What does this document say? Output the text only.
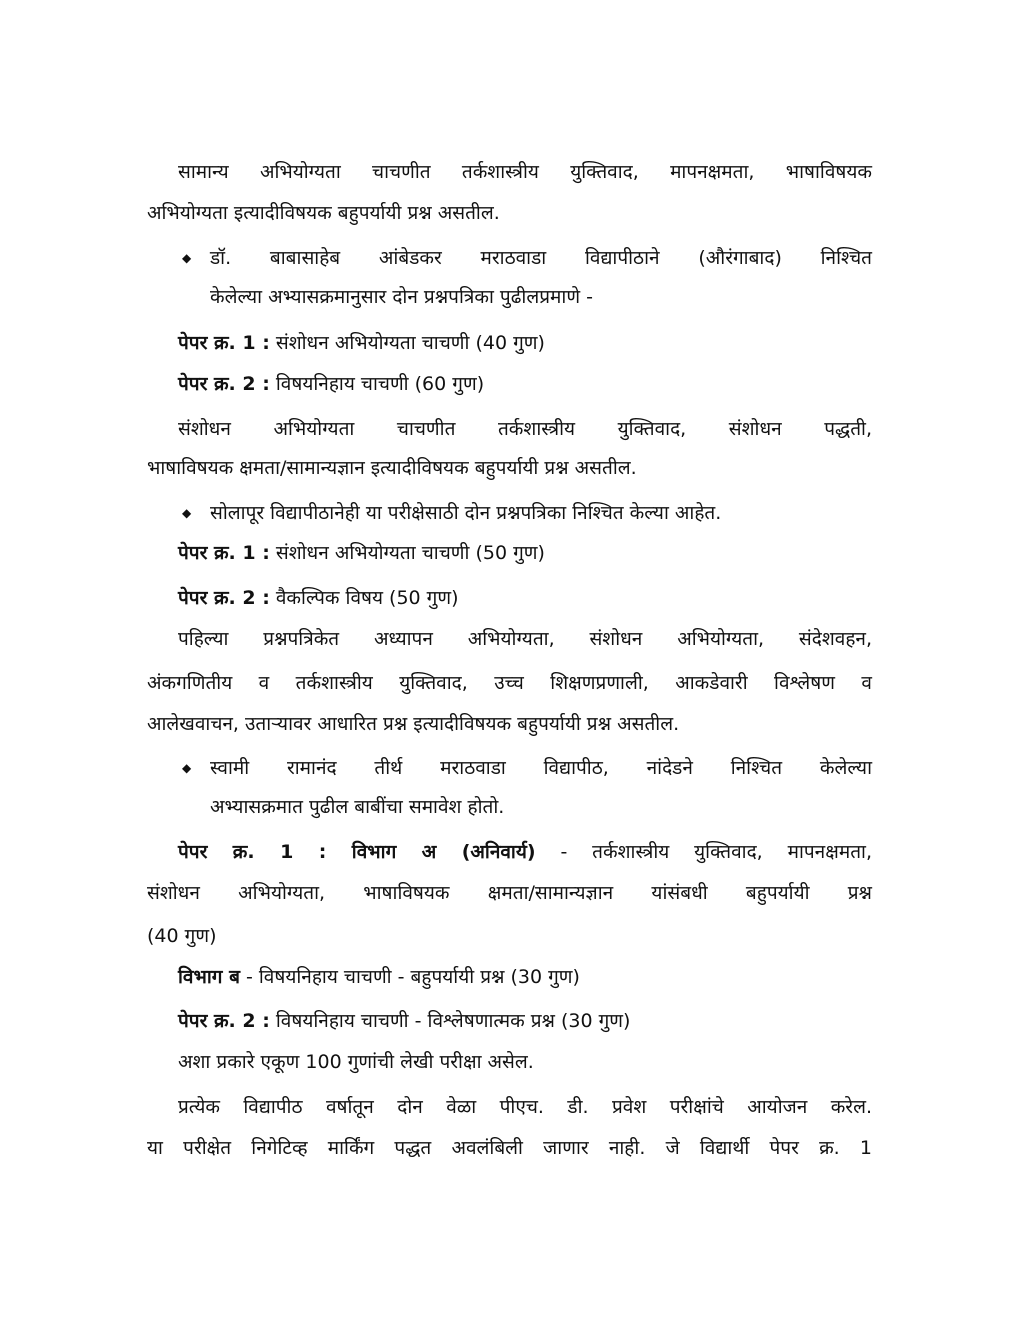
सामान्य अभियोग्यता चाचणीत तर्कशास्त्रीय युक्तिवाद, मापनक्षमता, भाषाविषयक
अभियोग्यता इत्यादीविषयक बहुपर्यायी प्रश्न असतील.
◆ डॉ. बाबासाहेब आंबेडकर मराठवाडा विद्यापीठाने (औरंगाबाद) निश्चित
केलेल्या अभ्यासक्रमानुसार दोन प्रश्नपत्रिका पुढीलप्रमाणे -
पेपर क्र. 1 : संशोधन अभियोग्यता चाचणी (40 गुण)
पेपर क्र. 2 : विषयनिहाय चाचणी (60 गुण)
संशोधन अभियोग्यता चाचणीत तर्कशास्त्रीय युक्तिवाद, संशोधन पद्धती,
भाषाविषयक क्षमता/सामान्यज्ञान इत्यादीविषयक बहुपर्यायी प्रश्न असतील.
◆ सोलापूर विद्यापीठानेही या परीक्षेसाठी दोन प्रश्नपत्रिका निश्चित केल्या आहेत.
पेपर क्र. 1 : संशोधन अभियोग्यता चाचणी (50 गुण)
पेपर क्र. 2 : वैकल्पिक विषय (50 गुण)
पहिल्या प्रश्नपत्रिकेत अध्यापन अभियोग्यता, संशोधन अभियोग्यता, संदेशवहन,
अंकगणितीय व तर्कशास्त्रीय युक्तिवाद, उच्च शिक्षणप्रणाली, आकडेवारी विश्लेषण व
आलेखवाचन, उताऱ्यावर आधारित प्रश्न इत्यादीविषयक बहुपर्यायी प्रश्न असतील.
◆ स्वामी रामानंद तीर्थ मराठवाडा विद्यापीठ, नांदेडने निश्चित केलेल्या
अभ्यासक्रमात पुढील बाबींचा समावेश होतो.
पेपर क्र. 1 : विभाग अ (अनिवार्य) - तर्कशास्त्रीय युक्तिवाद, मापनक्षमता,
संशोधन अभियोग्यता, भाषाविषयक क्षमता/सामान्यज्ञान यांसंबधी बहुपर्यायी प्रश्न
(40 गुण)
विभाग ब - विषयनिहाय चाचणी - बहुपर्यायी प्रश्न (30 गुण)
पेपर क्र. 2 : विषयनिहाय चाचणी - विश्लेषणात्मक प्रश्न (30 गुण)
अशा प्रकारे एकूण 100 गुणांची लेखी परीक्षा असेल.
प्रत्येक विद्यापीठ वर्षातून दोन वेळा पीएच. डी. प्रवेश परीक्षांचे आयोजन करेल.
या परीक्षेत निगेटिव्ह मार्किंग पद्धत अवलंबिली जाणार नाही. जे विद्यार्थी पेपर क्र. 1
